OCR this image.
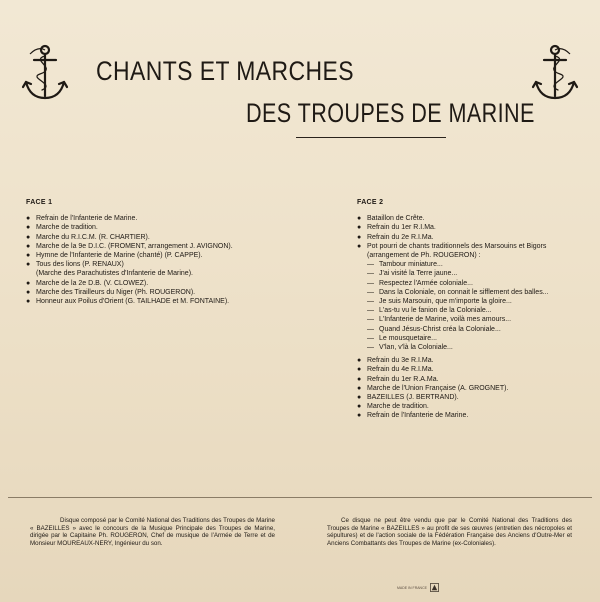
CHANTS ET MARCHES
DES TROUPES DE MARINE
FACE 1
● Refrain de l'Infanterie de Marine.
● Marche de tradition.
● Marche du R.I.C.M. (R. CHARTIER).
● Marche de la 9e D.I.C. (FROMENT, arrangement J. AVIGNON).
● Hymne de l'Infanterie de Marine (chanté) (P. CAPPE).
● Tous des lions (P. RENAUX)
(Marche des Parachutistes d'Infanterie de Marine).
● Marche de la 2e D.B. (V. CLOWEZ).
● Marche des Tirailleurs du Niger (Ph. ROUGERON).
● Honneur aux Poilus d'Orient (G. TAILHADE et M. FONTAINE).
FACE 2
● Bataillon de Crête.
● Refrain du 1er R.I.Ma.
● Refrain du 2e R.I.Ma.
● Pot pourri de chants traditionnels des Marsouins et Bigors
(arrangement de Ph. ROUGERON) :
— Tambour miniature...
— J'ai visité la Terre jaune...
— Respectez l'Armée coloniale...
— Dans la Coloniale, on connait le sifflement des balles...
— Je suis Marsouin, que m'importe la gloire...
— L'as-tu vu le fanion de la Coloniale...
— L'Infanterie de Marine, voilà mes amours...
— Quand Jésus-Christ créa la Coloniale...
— Le mousquetaire...
— V'lan, v'là la Coloniale...
● Refrain du 3e R.I.Ma.
● Refrain du 4e R.I.Ma.
● Refrain du 1er R.A.Ma.
● Marche de l'Union Française (A. GROGNET).
● BAZEILLES (J. BERTRAND).
● Marche de tradition.
● Refrain de l'Infanterie de Marine.
Disque composé par le Comité National des Traditions des Troupes de Marine « BAZEILLES » avec le concours de la Musique Principale des Troupes de Marine, dirigée par le Capitaine Ph. ROUGERON, Chef de musique de l'Armée de Terre et de Monsieur MOUREAUX-NERY, Ingénieur du son.
Ce disque ne peut être vendu que par le Comité National des Traditions des Troupes de Marine « BAZEILLES » au profit de ses œuvres (entretien des nécropoles et sépultures) et de l'action sociale de la Fédération Française des Anciens d'Outre-Mer et Anciens Combattants des Troupes de Marine (ex-Coloniales).
MADE IN FRANCE
